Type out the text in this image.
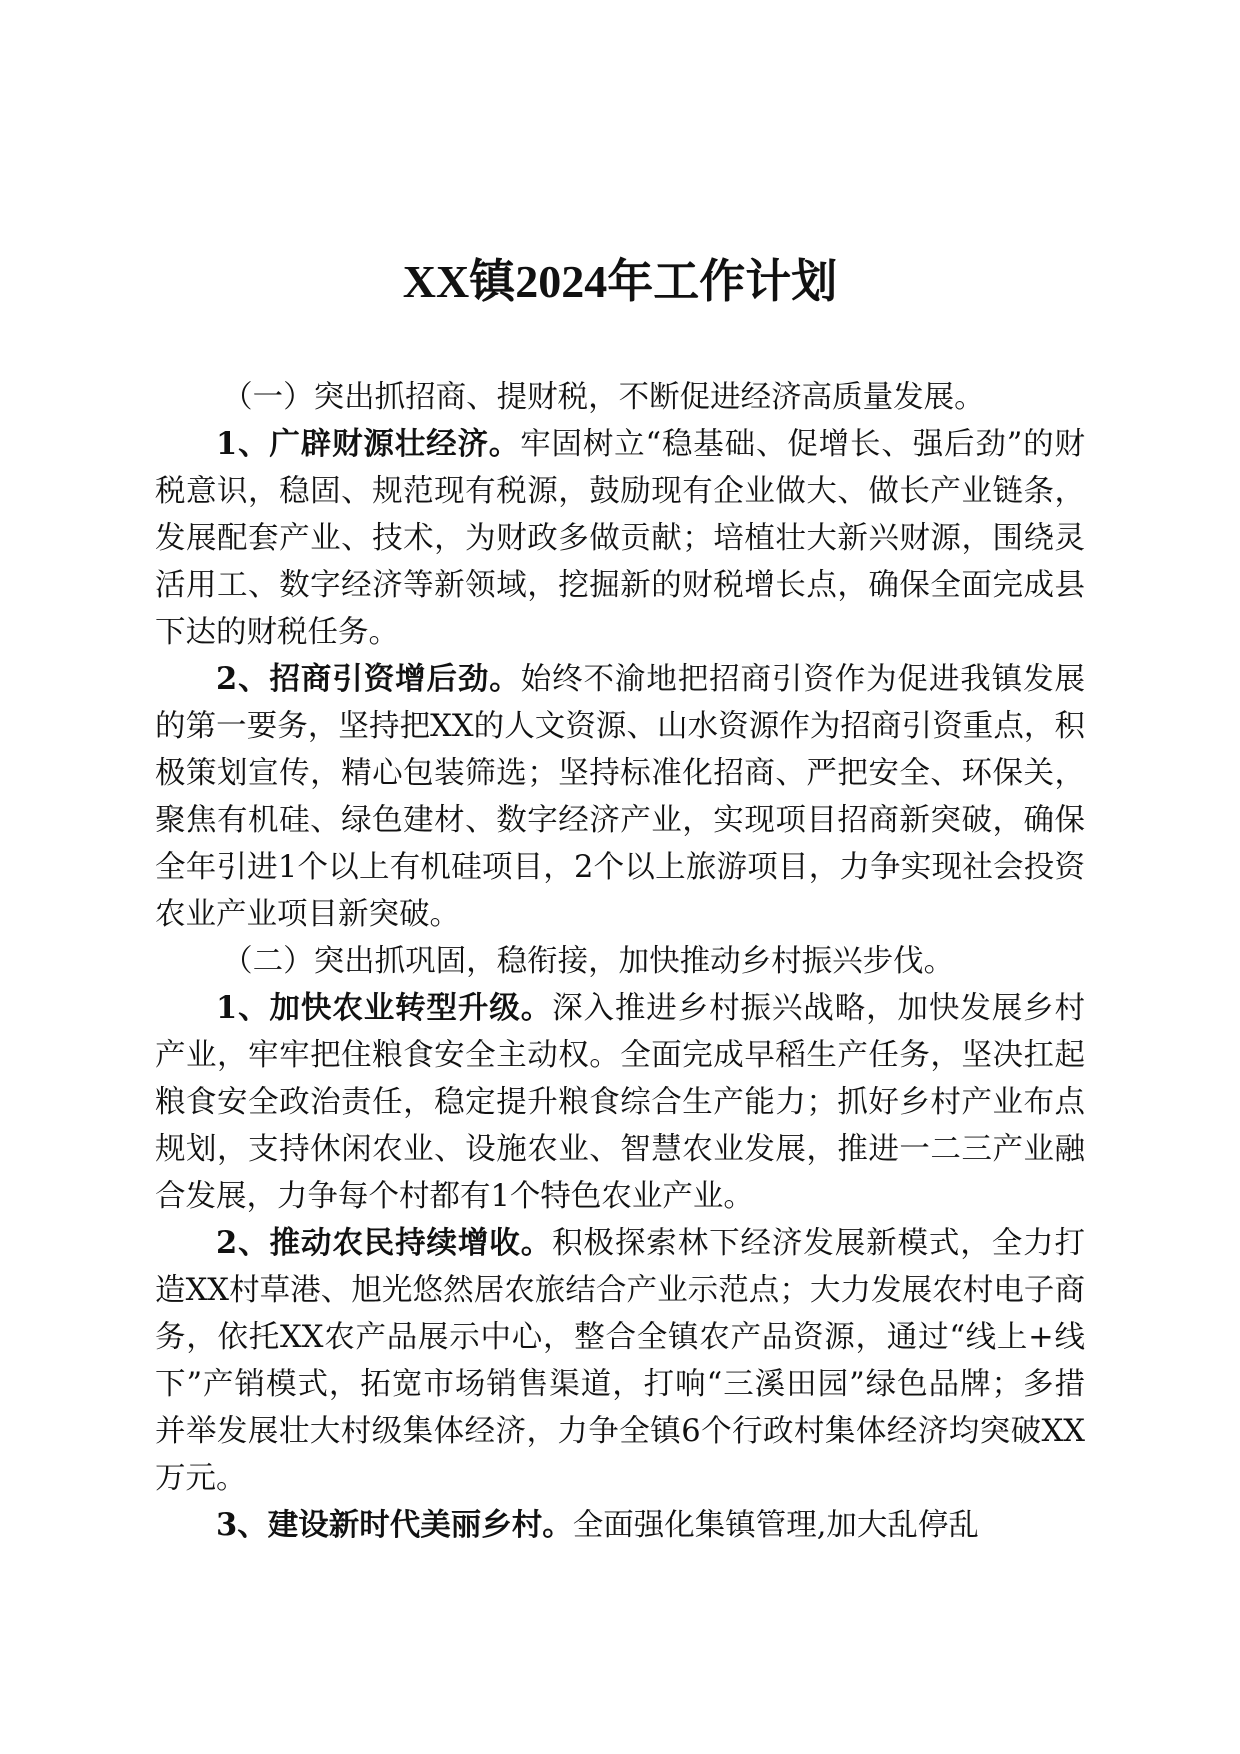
XX镇2024年工作计划

（一）突出抓招商、提财税，不断促进经济高质量发展。

1、广辟财源壮经济。牢固树立“稳基础、促增长、强后劲”的财税意识，稳固、规范现有税源，鼓励现有企业做大、做长产业链条，发展配套产业、技术，为财政多做贡献；培植壮大新兴财源，围绕灵活用工、数字经济等新领域，挖掘新的财税增长点，确保全面完成县下达的财税任务。

2、招商引资增后劲。始终不渝地把招商引资作为促进我镇发展的第一要务，坚持把XX的人文资源、山水资源作为招商引资重点，积极策划宣传，精心包装筛选；坚持标准化招商、严把安全、环保关，聚焦有机硅、绿色建材、数字经济产业，实现项目招商新突破，确保全年引进1个以上有机硅项目，2个以上旅游项目，力争实现社会投资农业产业项目新突破。

（二）突出抓巩固，稳衔接，加快推动乡村振兴步伐。

1、加快农业转型升级。深入推进乡村振兴战略，加快发展乡村产业，牢牢把住粮食安全主动权。全面完成早稻生产任务，坚决扛起粮食安全政治责任，稳定提升粮食综合生产能力；抓好乡村产业布点规划，支持休闲农业、设施农业、智慧农业发展，推进一二三产业融合发展，力争每个村都有1个特色农业产业。

2、推动农民持续增收。积极探索林下经济发展新模式，全力打造XX村草港、旭光悠然居农旅结合产业示范点；大力发展农村电子商务，依托XX农产品展示中心，整合全镇农产品资源，通过“线上+线下”产销模式，拓宽市场销售渠道，打响“三溪田园”绿色品牌；多措并举发展壮大村级集体经济，力争全镇6个行政村集体经济均突破XX万元。

3、建设新时代美丽乡村。全面强化集镇管理,加大乱停乱
